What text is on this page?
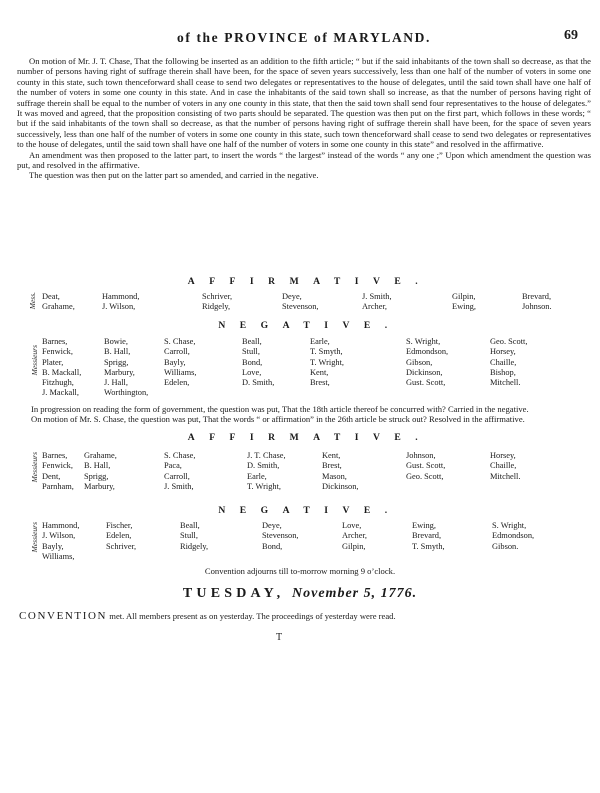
of the PROVINCE of MARYLAND.	69

On motion of Mr. J. T. Chase, That the following be inserted as an addition to the fifth article; “ but if the said inhabitants of the town shall so decrease, as that the number of persons having right of suffrage therein shall have been, for the space of seven years successively, less than one half of the number of voters in some one county in this state, such town thenceforward shall cease to send two delegates or representatives to the house of delegates, until the said town shall have one half of the number of voters in some one county in this state. And in case the inhabitants of the said town shall so increase, as that the number of persons having right of suffrage therein shall be equal to the number of voters in any one county in this state, that then the said town shall send four representatives to the house of delegates.” It was moved and agreed, that the proposition consisting of two parts should be separated. The question was then put on the first part, which follows in these words; “ but if the said inhabitants of the town shall so decrease, as that the number of persons having right of suffrage therein shall have been, for the space of seven years successively, less than one half of the number of voters in some one county in this state, such town thenceforward shall cease to send two delegates or representatives to the house of delegates, until the said town shall have one half of the number of voters in some one county in this state” and resolved in the affirmative.

An amendment was then proposed to the latter part, to insert the words “ the largest” instead of the words “ any one ;” Upon which amendment the question was put, and resolved in the affirmative.

The question was then put on the latter part so amended, and carried in the negative.

AFFIRMATIVE.
Mess. Deat,
Grahame,
Hammond,
J. Wilson,
Schriver,
Ridgely,
Deye,
Stevenson,
J. Smith,
Archer,
Gilpin,
Ewing,
Brevard,
Johnson.
NEGATIVE.
Messieurs
Barnes,
Fenwick,
Plater,
B. Mackall,
Fitzhugh,
J. Mackall,
Bowie,
B. Hall,
Sprigg,
Marbury,
J. Hall,
Worthington,
S. Chase,
Carroll,
Bayly,
Williams,
Edelen,
Beall,
Stull,
Bond,
Love,
D. Smith,
Earle,
T. Smyth,
T. Wright,
Kent,
Brest,
S. Wright,
Edmondson,
Gibson,
Dickinson,
Gust. Scott,
Geo. Scott,
Horsey,
Chaille,
Bishop,
Mitchell.

In progression on reading the form of government, the question was put, That the 18th article thereof be concurred with? Carried in the negative.

On motion of Mr. S. Chase, the question was put, That the words “ or affirmation” in the 26th article be struck out? Resolved in the affirmative.

AFFIRMATIVE.
Messieurs Barnes,
Fenwick,
Dent,
Parnham,
Grahame,
B. Hall,
Sprigg,
Marbury,
S. Chase,
Paca,
Carroll,
J. Smith,
J. T. Chase,
D. Smith,
Earle,
T. Wright,
Kent,
Brest,
Mason,
Dickinson,
Johnson,
Gust. Scott,
Geo. Scott,
Horsey,
Chaille,
Mitchell.
NEGATIVE.
Messieurs Hammond,
J. Wilson,
Bayly,
Williams,
Fischer,
Edelen,
Schriver,
Beall,
Stull,
Ridgely,
Deye,
Stevenson,
Bond,
Love,
Archer,
Gilpin,
Ewing,
Brevard,
T. Smyth,
S. Wright,
Edmondson,
Gibson.
Convention adjourns till to-morrow morning 9 o’clock.
TUESDAY, November 5, 1776.
CONVENTION met. All members present as on yesterday. The proceedings of yesterday were read.
T
